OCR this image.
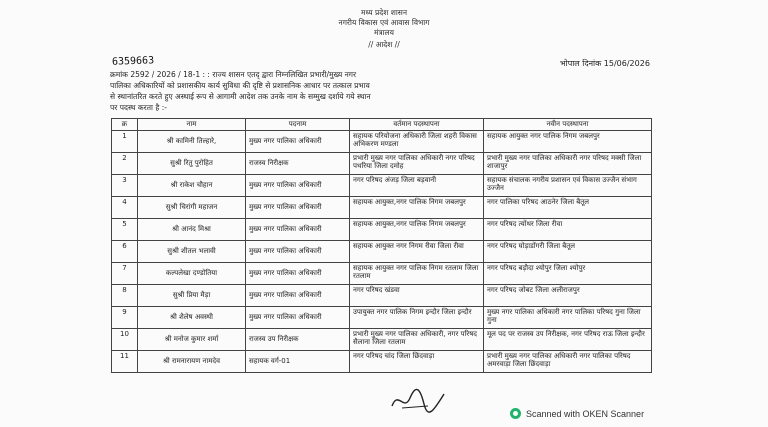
मध्य प्रदेश शासन
नगरीय विकास एवं आवास विभाग
मंत्रालय
// आदेश //
6359663	भोपाल दिनांक 15/06/2026
क्रमांक 2592 / 2026 / 18-1 : : राज्य शासन एतद् द्वारा निम्नलिखित प्रभारी/मुख्य नगर
पालिका अधिकारियों को प्रशासकीय कार्य सुविधा की दृष्टि से प्रशासनिक आधार पर तत्काल प्रभाव
से स्थानांतरित करते हुए अस्थाई रूप से आगामी आदेश तक उनके नाम के सम्मुख दर्शाये गये स्थान
पर पदस्थ करता है :-
क्र	नाम	पदनाम	वर्तमान पदस्थापना	नवीन पदस्थापना
1	श्री कामिनी तिल्हारे,	मुख्य नगर पालिका अधिकारी	सहायक परियोजना अधिकारी जिला शहरी विकास अभिकरण मण्डला	सहायक आयुक्त नगर पालिक निगम जबलपुर
2	सुश्री रितु पुरोहित	राजस्व निरीक्षक	प्रभारी मुख्य नगर पालिका अधिकारी नगर परिषद पथरिया जिला दमोह	प्रभारी मुख्य नगर पालिका अधिकारी नगर परिषद मक्सी जिला शाजापुर
3	श्री राकेश चौहान	मुख्य नगर पालिका अधिकारी	नगर परिषद अंजड़ जिला बड़वानी	सहायक संचालक नगरीय प्रशासन एवं विकास उज्जैन संभाग उज्जैन
4	सुश्री चिरांगी महाजन	मुख्य नगर पालिका अधिकारी	सहायक आयुक्त,नगर पालिक निगम जबलपुर	नगर पालिका परिषद आठनेर जिला बैतूल
5	श्री आनंद मिश्रा	मुख्य नगर पालिका अधिकारी	सहायक आयुक्त,नगर पालिक निगम जबलपुर	नगर परिषद त्योंथर जिला रीवा
6	सुश्री शीतल भलावी	मुख्य नगर पालिका अधिकारी	सहायक आयुक्त नगर निगम रीवा जिला रीवा	नगर परिषद घोड़ाडोंगरी जिला बैतूल
7	कल्पलेखा दण्डोतिया	मुख्य नगर पालिका अधिकारी	सहायक आयुक्त नगर पालिक निगम रतलाम जिला रतलाम	नगर परिषद बड़ौदा श्योपुर जिला श्योपुर
8	सुश्री प्रिया मैड़ा	मुख्य नगर पालिका अधिकारी	नगर परिषद खंडवा	नगर परिषद जोबट जिला अलीराजपुर
9	श्री शैलेष अवस्थी	मुख्य नगर पालिका अधिकारी	उपायुक्त नगर पालिक निगम इन्दौर जिला इन्दौर	मुख्य नगर पालिका अधिकारी नगर पालिका परिषद गुना जिला गुना
10	श्री मनोज कुमार शर्मा	राजस्व उप निरीक्षक	प्रभारी मुख्य नगर पालिका अधिकारी, नगर परिषद सैलाना जिला रतलाम	मूल पद पर राजस्व उप निरीक्षक, नगर परिषद राऊ जिला इन्दौर
11	श्री रामनारायण नामदेव	सहायक वर्ग-01	नगर परिषद चांद जिला छिंदवाड़ा	प्रभारी मुख्य नगर पालिका अधिकारी नगर पालिका परिषद अमरवाड़ा जिला छिंदवाड़ा
Scanned with OKEN Scanner
